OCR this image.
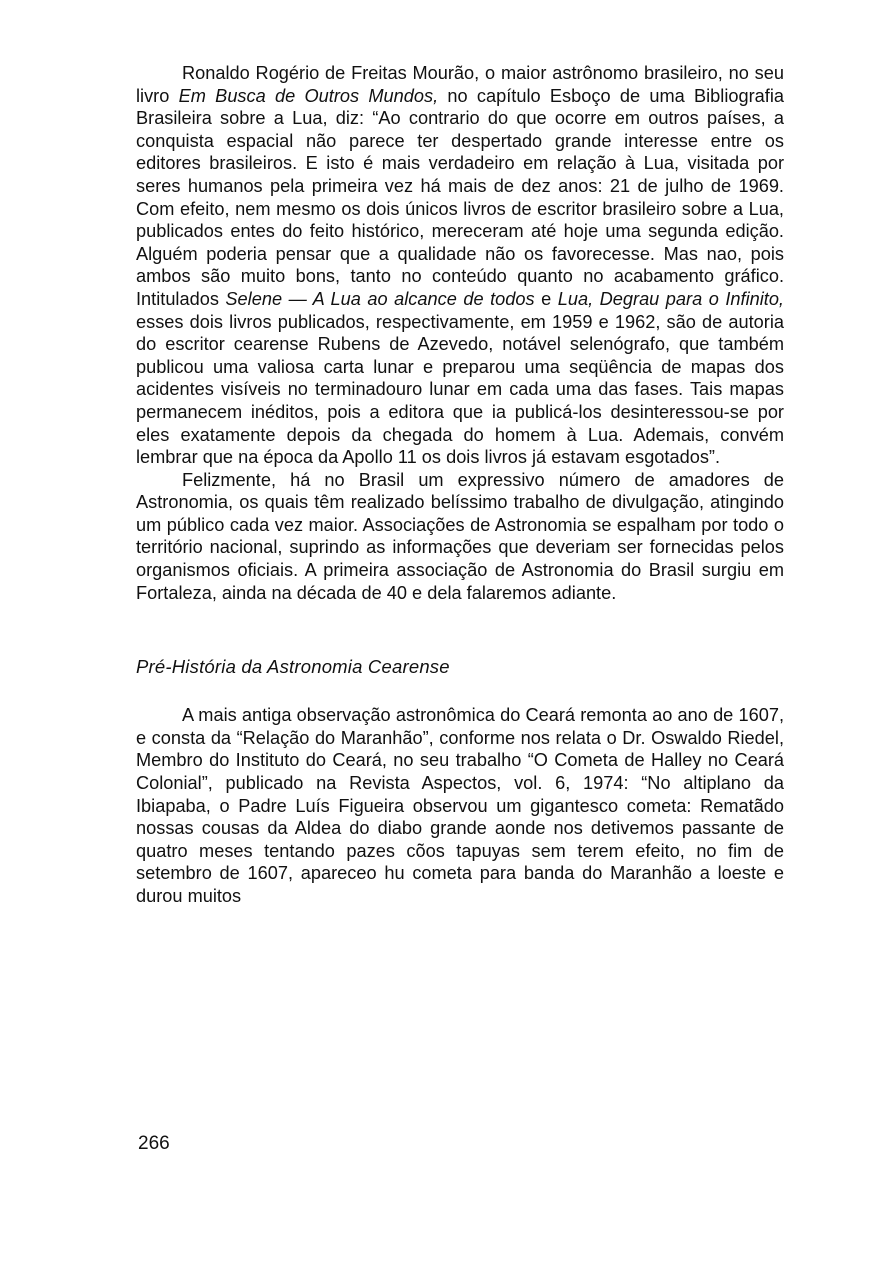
Ronaldo Rogério de Freitas Mourão, o maior astrônomo brasileiro, no seu livro Em Busca de Outros Mundos, no capítulo Esboço de uma Bibliografia Brasileira sobre a Lua, diz: “Ao contrario do que ocorre em outros países, a conquista espacial não parece ter despertado grande interesse entre os editores brasileiros. E isto é mais verdadeiro em relação à Lua, visitada por seres humanos pela primeira vez há mais de dez anos: 21 de julho de 1969. Com efeito, nem mesmo os dois únicos livros de escritor brasileiro sobre a Lua, publicados entes do feito histórico, mereceram até hoje uma segunda edição. Alguém poderia pensar que a qualidade não os favorecesse. Mas nao, pois ambos são muito bons, tanto no conteúdo quanto no acabamento gráfico. Intitulados Selene — A Lua ao alcance de todos e Lua, Degrau para o Infinito, esses dois livros publicados, respectivamente, em 1959 e 1962, são de autoria do escritor cearense Rubens de Azevedo, notável selenógrafo, que também publicou uma valiosa carta lunar e preparou uma seqüência de mapas dos acidentes visíveis no terminadouro lunar em cada uma das fases. Tais mapas permanecem inéditos, pois a editora que ia publicá-los desinteressou-se por eles exatamente depois da chegada do homem à Lua. Ademais, convém lembrar que na época da Apollo 11 os dois livros já estavam esgotados”.

Felizmente, há no Brasil um expressivo número de amadores de Astronomia, os quais têm realizado belíssimo trabalho de divulgação, atingindo um público cada vez maior. Associações de Astronomia se espalham por todo o território nacional, suprindo as informações que deveriam ser fornecidas pelos organismos oficiais. A primeira associação de Astronomia do Brasil surgiu em Fortaleza, ainda na década de 40 e dela falaremos adiante.

Pré-História da Astronomia Cearense

A mais antiga observação astronômica do Ceará remonta ao ano de 1607, e consta da “Relação do Maranhão”, conforme nos relata o Dr. Oswaldo Riedel, Membro do Instituto do Ceará, no seu trabalho “O Cometa de Halley no Ceará Colonial”, publicado na Revista Aspectos, vol. 6, 1974: “No altiplano da Ibiapaba, o Padre Luís Figueira observou um gigantesco cometa: Rematãdo nossas cousas da Aldea do diabo grande aonde nos detivemos passante de quatro meses tentando pazes cõos tapuyas sem terem efeito, no fim de setembro de 1607, apareceo hu cometa para banda do Maranhão a loeste e durou muitos

266
